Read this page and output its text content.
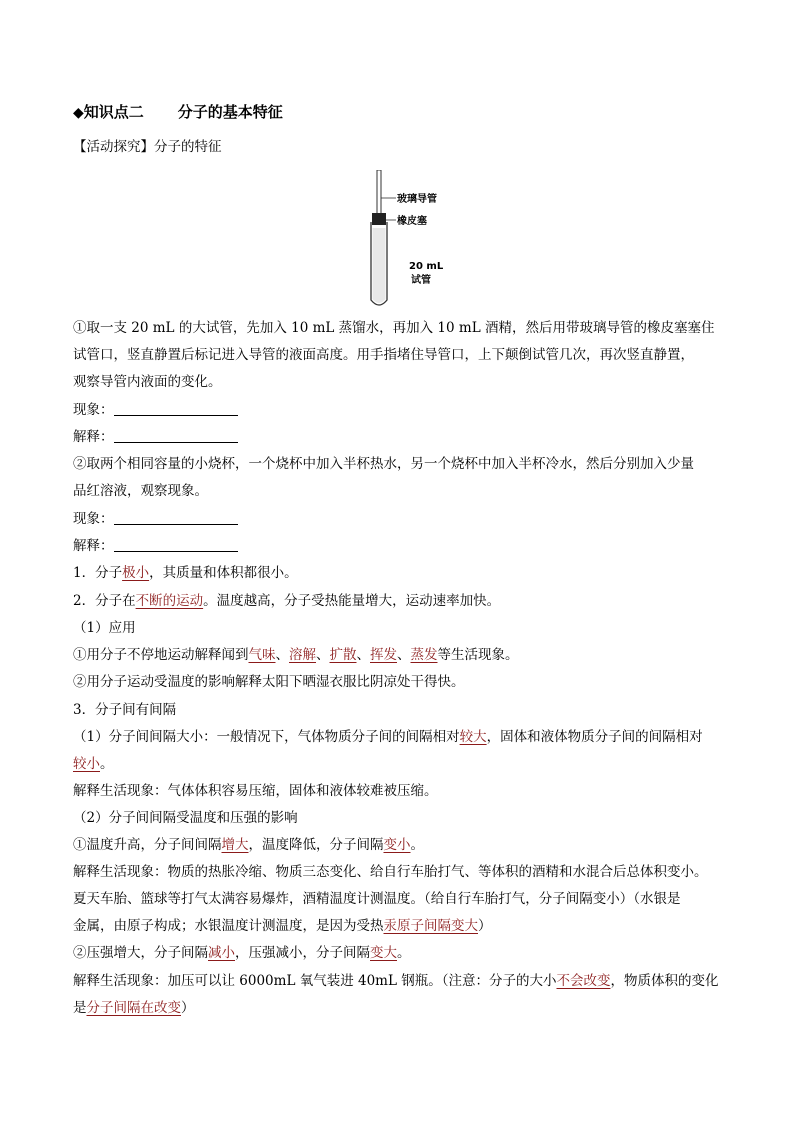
◆知识点二 分子的基本特征
【活动探究】分子的特征
玻璃导管
橡皮塞
20 mL
试管
①取一支 20 mL 的大试管，先加入 10 mL 蒸馏水，再加入 10 mL 酒精，然后用带玻璃导管的橡皮塞塞住
试管口，竖直静置后标记进入导管的液面高度。用手指堵住导管口，上下颠倒试管几次，再次竖直静置，
观察导管内液面的变化。
现象：
解释：
②取两个相同容量的小烧杯，一个烧杯中加入半杯热水，另一个烧杯中加入半杯冷水，然后分别加入少量
品红溶液，观察现象。
现象：
解释：
1．分子极小，其质量和体积都很小。
2．分子在不断的运动。温度越高，分子受热能量增大，运动速率加快。
（1）应用
①用分子不停地运动解释闻到气味、溶解、扩散、挥发、蒸发等生活现象。
②用分子运动受温度的影响解释太阳下晒湿衣服比阴凉处干得快。
3．分子间有间隔
（1）分子间间隔大小：一般情况下，气体物质分子间的间隔相对较大，固体和液体物质分子间的间隔相对
较小。
解释生活现象：气体体积容易压缩，固体和液体较难被压缩。
（2）分子间间隔受温度和压强的影响
①温度升高，分子间间隔增大，温度降低，分子间隔变小。
解释生活现象：物质的热胀冷缩、物质三态变化、给自行车胎打气、等体积的酒精和水混合后总体积变小。
夏天车胎、篮球等打气太满容易爆炸，酒精温度计测温度。（给自行车胎打气，分子间隔变小）（水银是
金属，由原子构成；水银温度计测温度，是因为受热汞原子间隔变大）
②压强增大，分子间隔减小，压强减小，分子间隔变大。
解释生活现象：加压可以让 6000mL 氧气装进 40mL 钢瓶。（注意：分子的大小不会改变，物质体积的变化
是分子间隔在改变）
